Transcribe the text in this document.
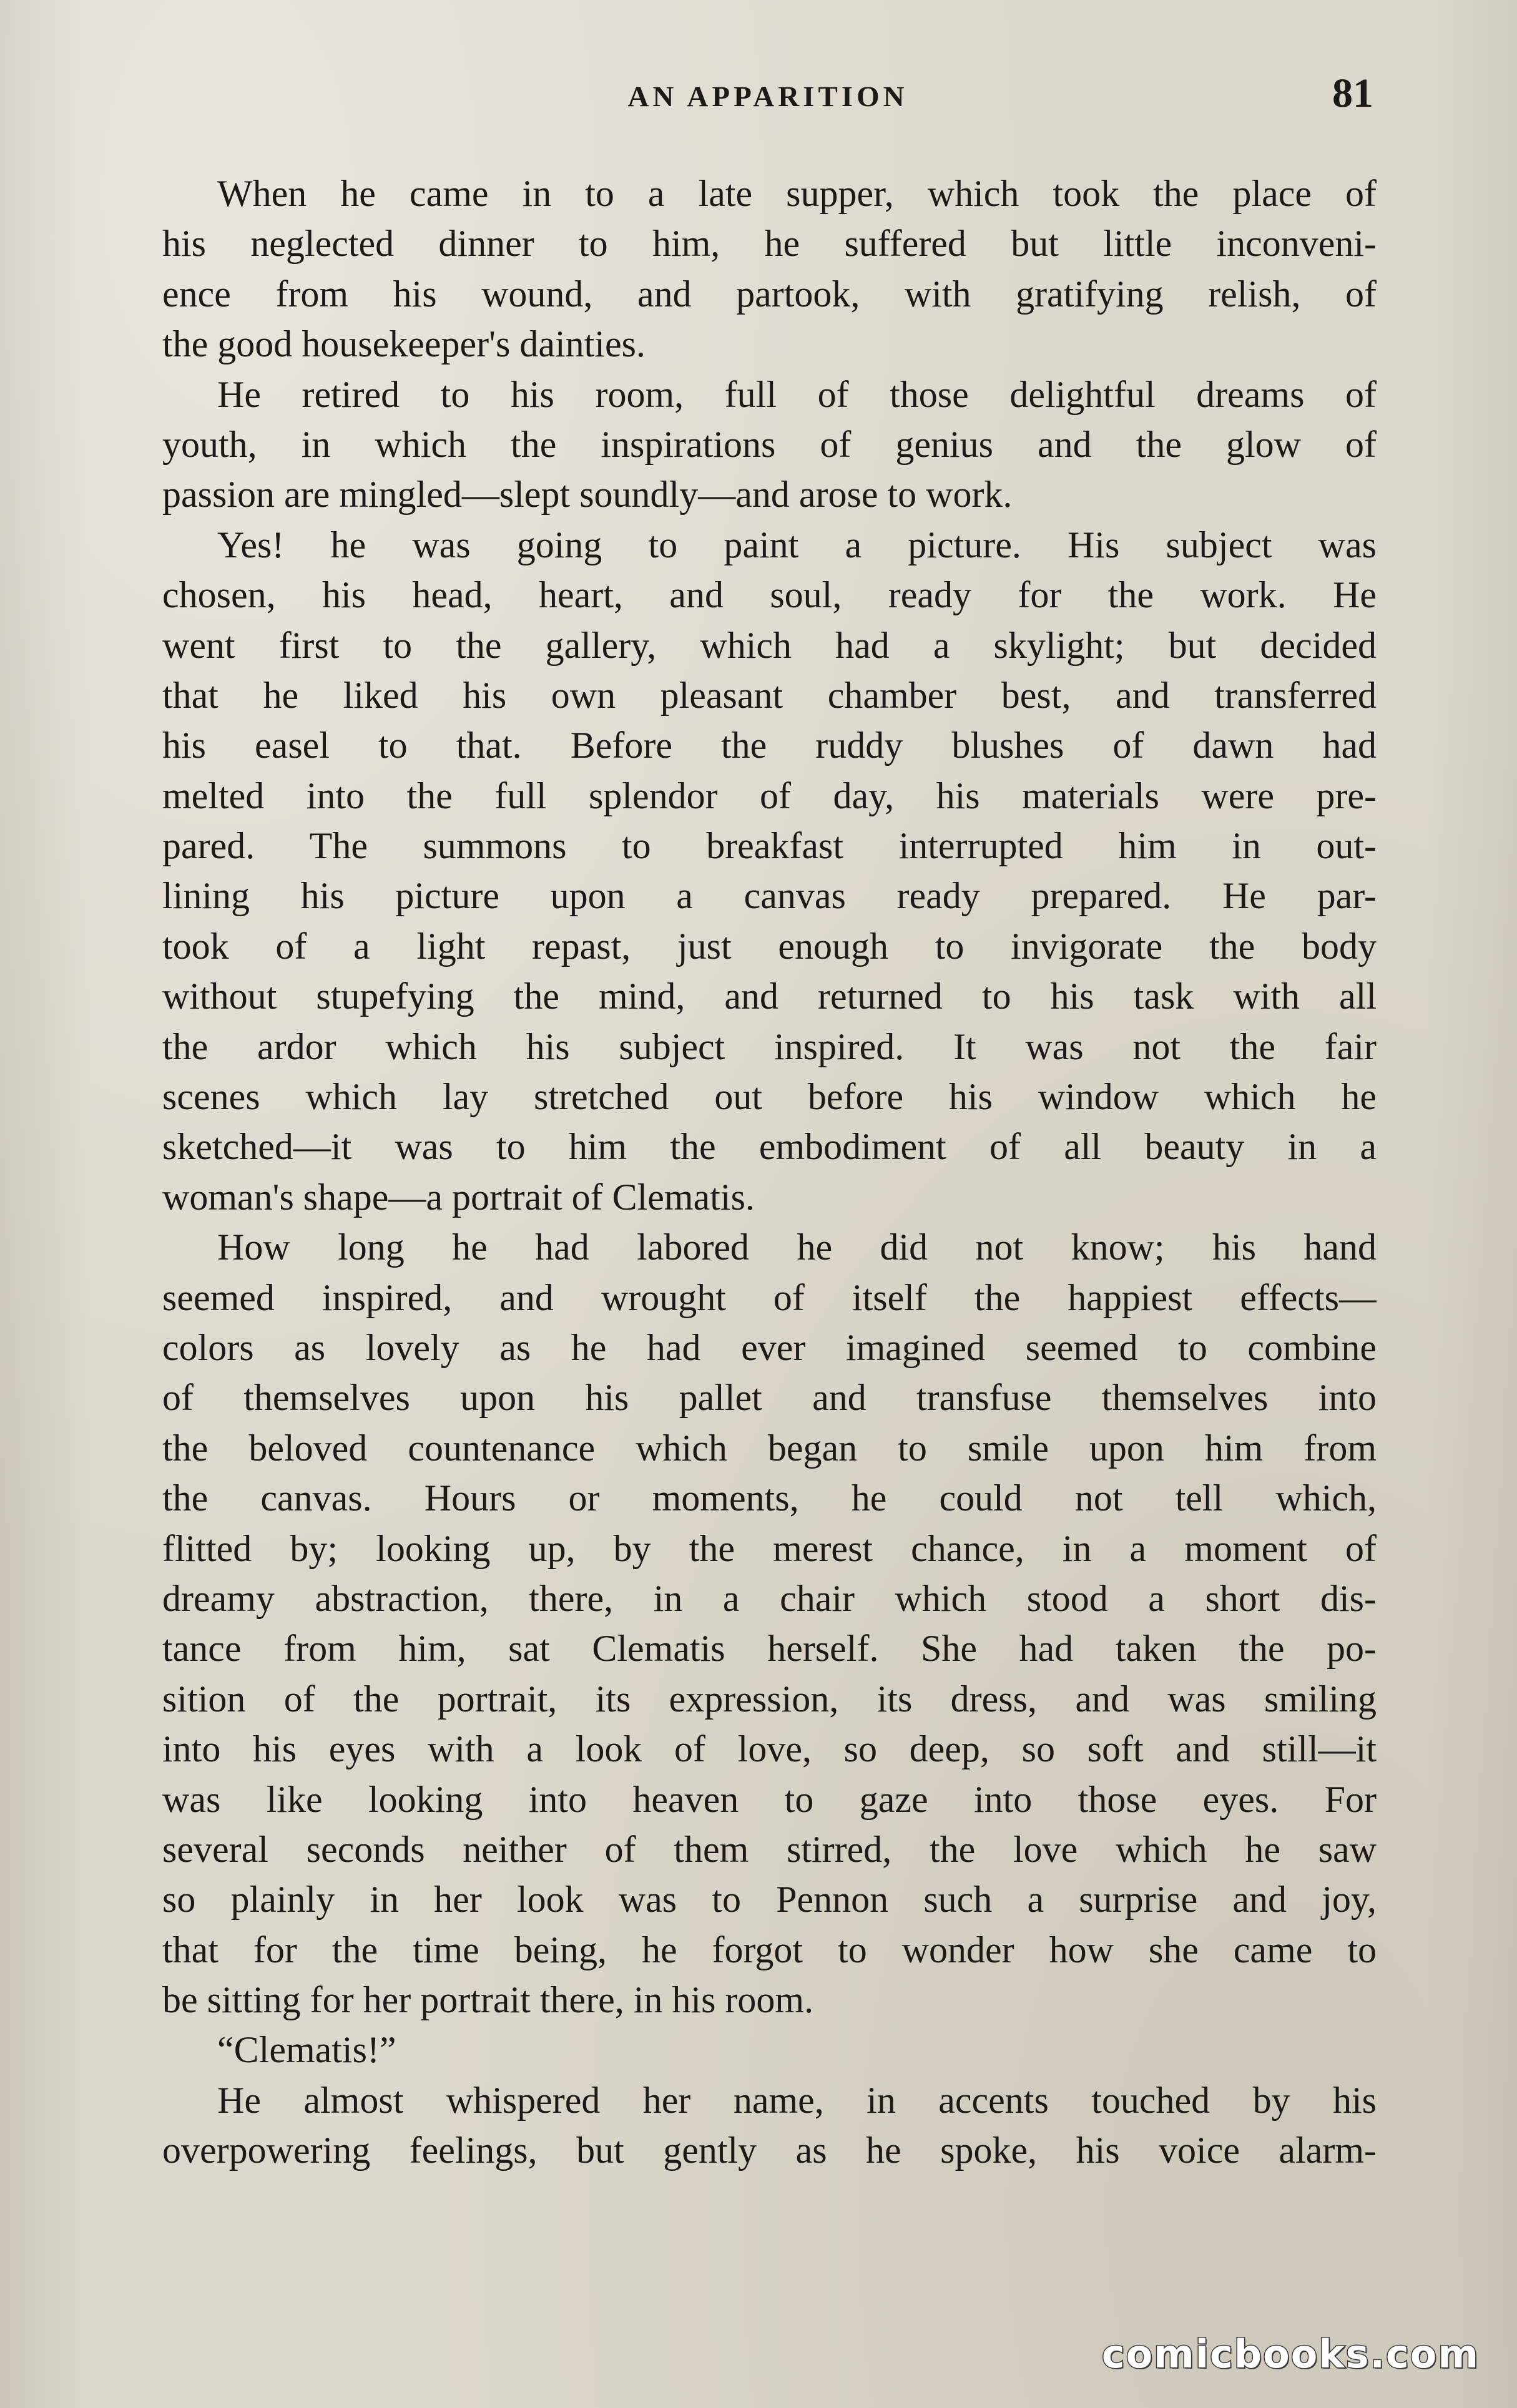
AN APPARITION	81
When he came in to a late supper, which took the place of
his neglected dinner to him, he suffered but little inconveni-
ence from his wound, and partook, with gratifying relish, of
the good housekeeper's dainties.
He retired to his room, full of those delightful dreams of
youth, in which the inspirations of genius and the glow of
passion are mingled—slept soundly—and arose to work.
Yes! he was going to paint a picture. His subject was
chosen, his head, heart, and soul, ready for the work. He
went first to the gallery, which had a skylight; but decided
that he liked his own pleasant chamber best, and transferred
his easel to that. Before the ruddy blushes of dawn had
melted into the full splendor of day, his materials were pre-
pared. The summons to breakfast interrupted him in out-
lining his picture upon a canvas ready prepared. He par-
took of a light repast, just enough to invigorate the body
without stupefying the mind, and returned to his task with all
the ardor which his subject inspired. It was not the fair
scenes which lay stretched out before his window which he
sketched—it was to him the embodiment of all beauty in a
woman's shape—a portrait of Clematis.
How long he had labored he did not know; his hand
seemed inspired, and wrought of itself the happiest effects—
colors as lovely as he had ever imagined seemed to combine
of themselves upon his pallet and transfuse themselves into
the beloved countenance which began to smile upon him from
the canvas. Hours or moments, he could not tell which,
flitted by; looking up, by the merest chance, in a moment of
dreamy abstraction, there, in a chair which stood a short dis-
tance from him, sat Clematis herself. She had taken the po-
sition of the portrait, its expression, its dress, and was smiling
into his eyes with a look of love, so deep, so soft and still—it
was like looking into heaven to gaze into those eyes. For
several seconds neither of them stirred, the love which he saw
so plainly in her look was to Pennon such a surprise and joy,
that for the time being, he forgot to wonder how she came to
be sitting for her portrait there, in his room.
“Clematis!”
He almost whispered her name, in accents touched by his
overpowering feelings, but gently as he spoke, his voice alarm-
comicbooks.com
